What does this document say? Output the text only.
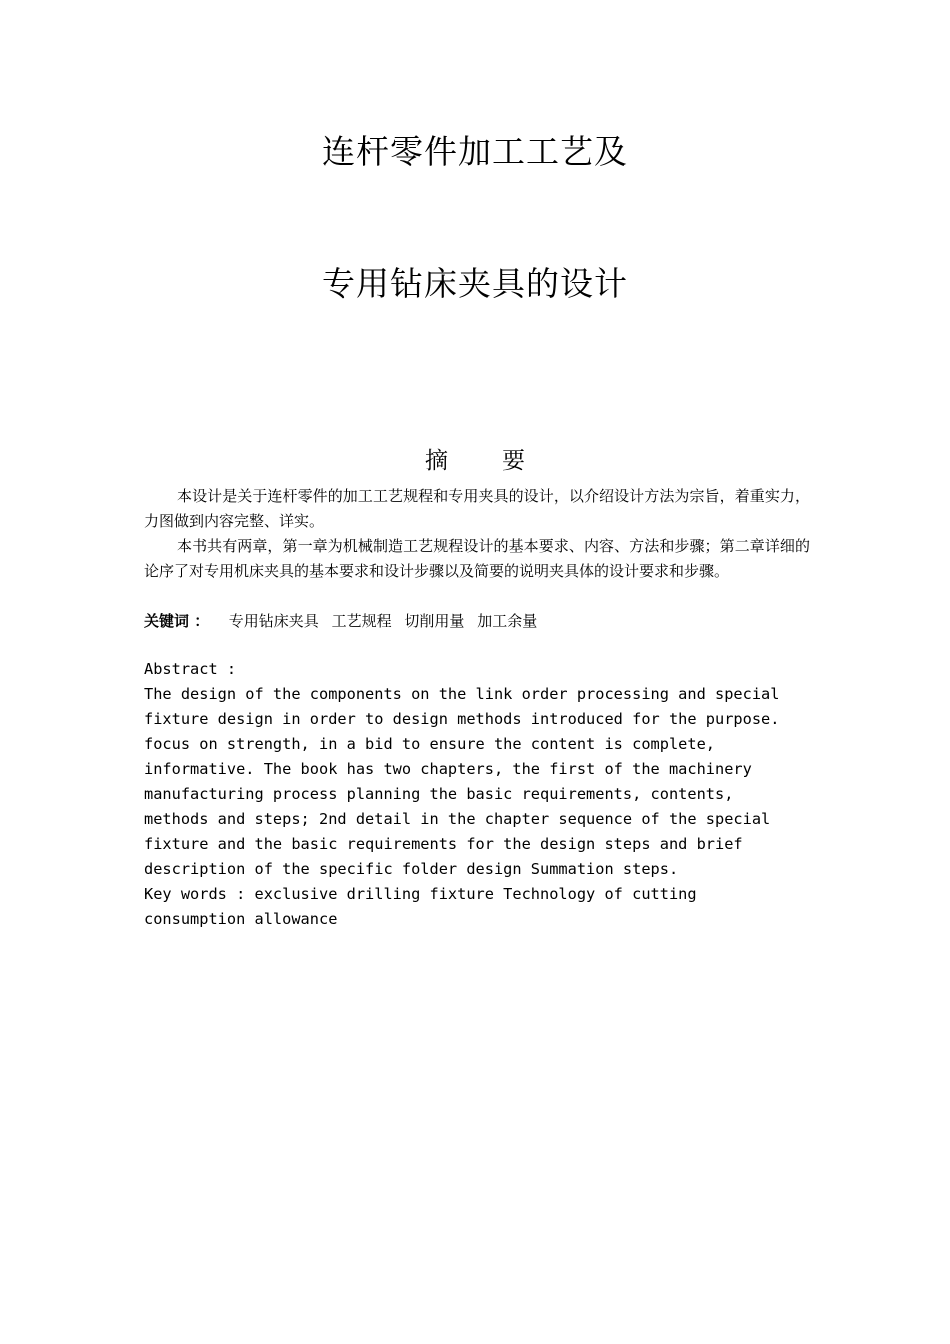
连杆零件加工工艺及
专用钻床夹具的设计
摘 要

本设计是关于连杆零件的加工工艺规程和专用夹具的设计，以介绍设计方法为宗旨，着重实力，力图做到内容完整、详实。

本书共有两章，第一章为机械制造工艺规程设计的基本要求、内容、方法和步骤；第二章详细的论序了对专用机床夹具的基本要求和设计步骤以及简要的说明夹具体的设计要求和步骤。

关键词 ： 专用钻床夹具 工艺规程 切削用量 加工余量

Abstract :

The design of the components on the link order processing and special

fixture design in order to design methods introduced for the purpose.

focus on strength, in a bid to ensure the content is complete,

informative. The book has two chapters, the first of the machinery

manufacturing process planning the basic requirements, contents,

methods and steps; 2nd detail in the chapter sequence of the special

fixture and the basic requirements for the design steps and brief

description of the specific folder design Summation steps.

Key words : exclusive drilling fixture Technology of cutting

consumption allowance
